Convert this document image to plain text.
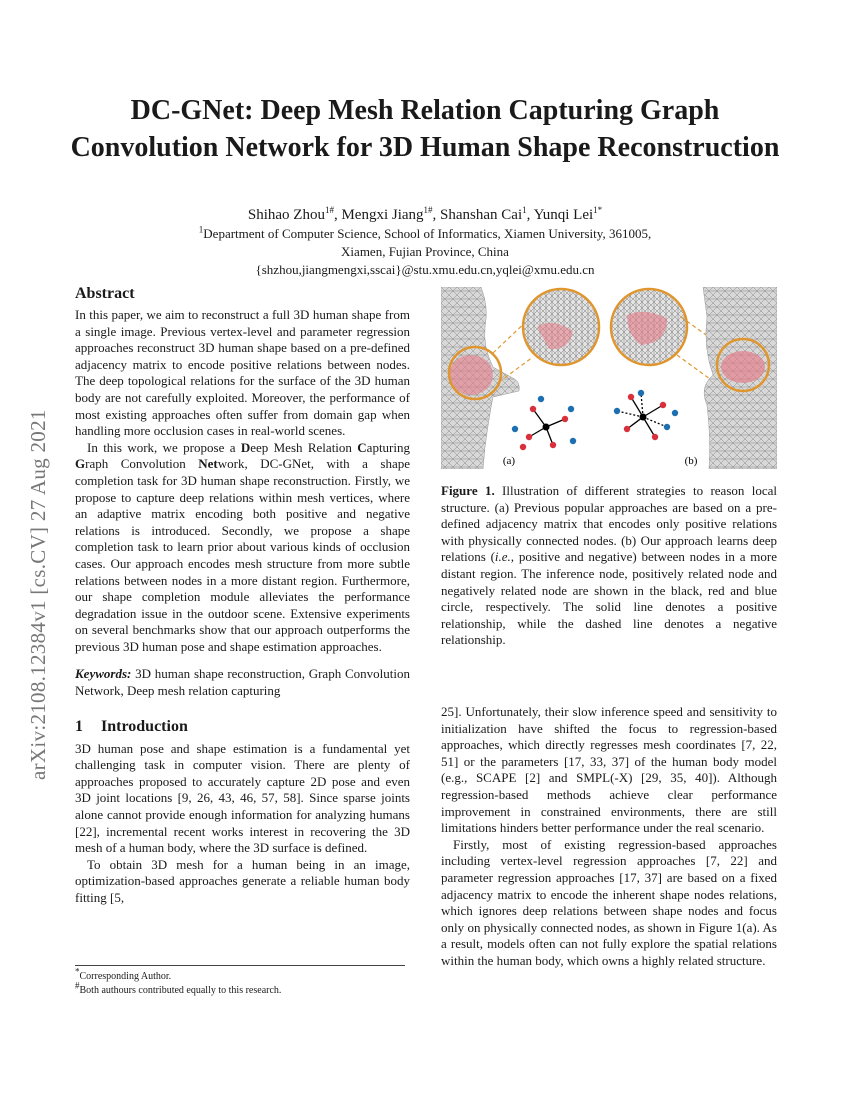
arXiv:2108.12384v1 [cs.CV] 27 Aug 2021
DC-GNet: Deep Mesh Relation Capturing Graph Convolution Network for 3D Human Shape Reconstruction
Shihao Zhou$^{1\#}$, Mengxi Jiang$^{1\#}$, Shanshan Cai$^1$, Yunqi Lei$^{1*}$
$^1$Department of Computer Science, School of Informatics, Xiamen University, 361005,
Xiamen, Fujian Province, China
{shzhou,jiangmengxi,sscai}@stu.xmu.edu.cn,yqlei@xmu.edu.cn
Abstract

In this paper, we aim to reconstruct a full 3D human shape from a single image. Previous vertex-level and parameter regression approaches reconstruct 3D human shape based on a pre-defined adjacency matrix to encode positive relations between nodes. The deep topological relations for the surface of the 3D human body are not carefully exploited. Moreover, the performance of most existing approaches often suffer from domain gap when handling more occlusion cases in real-world scenes.

In this work, we propose a Deep Mesh Relation Capturing Graph Convolution Network, DC-GNet, with a shape completion task for 3D human shape reconstruction. Firstly, we propose to capture deep relations within mesh vertices, where an adaptive matrix encoding both positive and negative relations is introduced. Secondly, we propose a shape completion task to learn prior about various kinds of occlusion cases. Our approach encodes mesh structure from more subtle relations between nodes in a more distant region. Furthermore, our shape completion module alleviates the performance degradation issue in the outdoor scene. Extensive experiments on several benchmarks show that our approach outperforms the previous 3D human pose and shape estimation approaches.

Keywords: 3D human shape reconstruction, Graph Convolution Network, Deep mesh relation capturing

1 Introduction

3D human pose and shape estimation is a fundamental yet challenging task in computer vision. There are plenty of approaches proposed to accurately capture 2D pose and even 3D joint locations [9, 26, 43, 46, 57, 58]. Since sparse joints alone cannot provide enough information for analyzing humans [22], incremental recent works interest in recovering the 3D mesh of a human body, where the 3D surface is defined.

To obtain 3D mesh for a human being in an image, optimization-based approaches generate a reliable human body fitting [5,

*Corresponding Author.
#Both authours contributed equally to this research.
(a)	(b)

Figure 1. Illustration of different strategies to reason local structure. (a) Previous popular approaches are based on a pre-defined adjacency matrix that encodes only positive relations with physically connected nodes. (b) Our approach learns deep relations (i.e., positive and negative) between nodes in a more distant region. The inference node, positively related node and negatively related node are shown in the black, red and blue circle, respectively. The solid line denotes a positive relationship, while the dashed line denotes a negative relationship.

25]. Unfortunately, their slow inference speed and sensitivity to initialization have shifted the focus to regression-based approaches, which directly regresses mesh coordinates [7, 22, 51] or the parameters [17, 33, 37] of the human body model (e.g., SCAPE [2] and SMPL(-X) [29, 35, 40]). Although regression-based methods achieve clear performance improvement in constrained environments, there are still limitations hinders better performance under the real scenario.

Firstly, most of existing regression-based approaches including vertex-level regression approaches [7, 22] and parameter regression approaches [17, 37] are based on a fixed adjacency matrix to encode the inherent shape nodes relations, which ignores deep relations between shape nodes and focus only on physically connected nodes, as shown in Figure 1(a). As a result, models often can not fully explore the spatial relations within the human body, which owns a highly related structure.
